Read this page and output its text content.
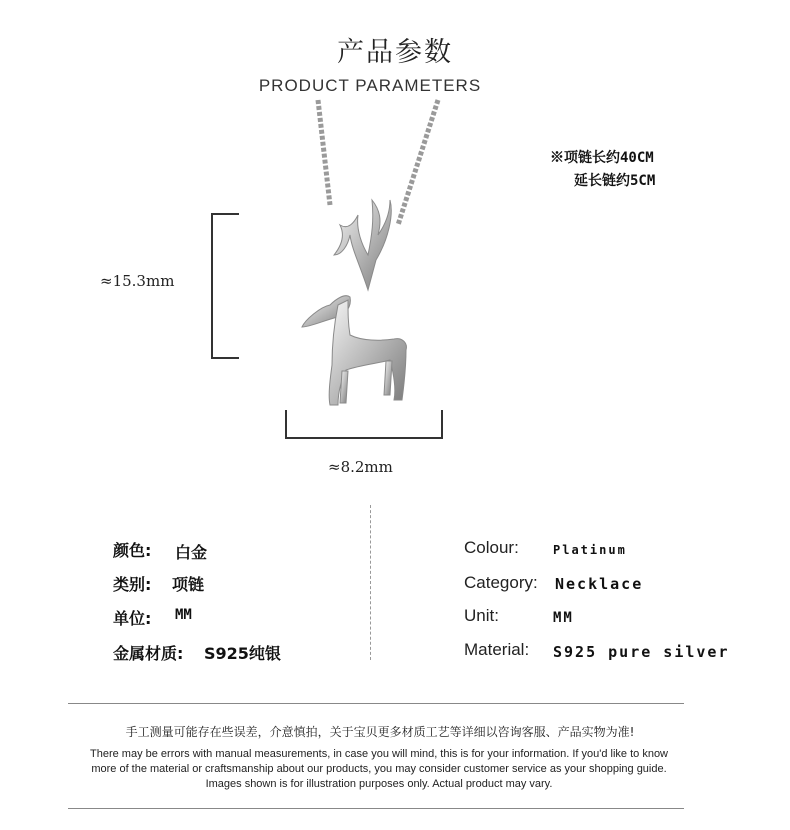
产品参数
PRODUCT PARAMETERS
※项链长约40CM
延长链约5CM
≈15.3mm
≈8.2mm
颜色: 白金
类别: 项链
单位: MM
金属材质: S925纯银
Colour:	Platinum
Category: Necklace
Unit:	MM
Material: S925 pure silver
手工测量可能存在些误差，介意慎拍，关于宝贝更多材质工艺等详细以咨询客服、产品实物为准!
There may be errors with manual measurements, in case you will mind, this is for your information. If you'd like to know more of the material or craftsmanship about our products, you may consider customer service as your shopping guide. Images shown is for illustration purposes only. Actual product may vary.
